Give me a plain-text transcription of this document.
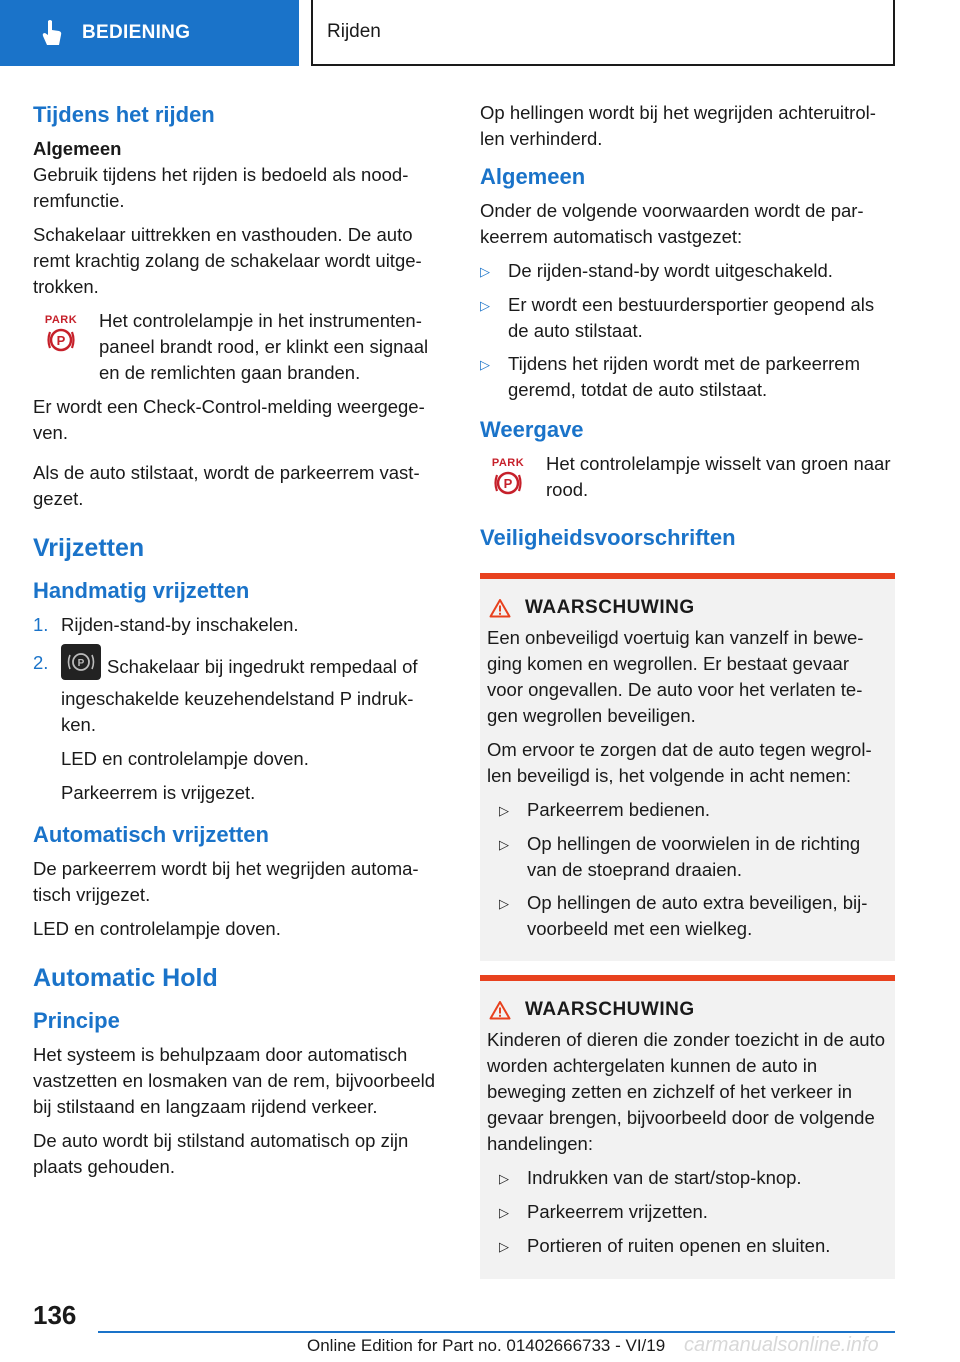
BEDIENING	Rijden
Tijdens het rijden
Algemeen

Gebruik tijdens het rijden is bedoeld als nood-remfunctie.

Schakelaar uittrekken en vasthouden. De auto remt krachtig zolang de schakelaar wordt uitge-trokken.

PARK
P
Het controlelampje in het instrumenten-paneel brandt rood, er klinkt een signaal en de remlichten gaan branden.

Er wordt een Check-Control-melding weergege-ven.

Als de auto stilstaat, wordt de parkeerrem vast-gezet.

Vrijzetten
Handmatig vrijzetten
1. Rijden-stand-by inschakelen.
2.	P Schakelaar bij ingedrukt rempedaal of ingeschakelde keuzehendelstand P indruk-ken.

LED en controlelampje doven.

Parkeerrem is vrijgezet.

Automatisch vrijzetten

De parkeerrem wordt bij het wegrijden automa-tisch vrijgezet.

LED en controlelampje doven.

Automatic Hold
Principe

Het systeem is behulpzaam door automatisch vastzetten en losmaken van de rem, bijvoorbeeld bij stilstaand en langzaam rijdend verkeer.

De auto wordt bij stilstand automatisch op zijn plaats gehouden.

Op hellingen wordt bij het wegrijden achteruitrol-len verhinderd.

Algemeen

Onder de volgende voorwaarden wordt de par-keerrem automatisch vastgezet:

▷ De rijden-stand-by wordt uitgeschakeld.
▷ Er wordt een bestuurdersportier geopend als de auto stilstaat.
▷ Tijdens het rijden wordt met de parkeerrem geremd, totdat de auto stilstaat.
Weergave
PARK
P
Het controlelampje wisselt van groen naar rood.
Veiligheidsvoorschriften
WAARSCHUWING

Een onbeveiligd voertuig kan vanzelf in bewe-ging komen en wegrollen. Er bestaat gevaar voor ongevallen. De auto voor het verlaten te-gen wegrollen beveiligen.

Om ervoor te zorgen dat de auto tegen wegrol-len beveiligd is, het volgende in acht nemen:

▷ Parkeerrem bedienen.
▷ Op hellingen de voorwielen in de richting van de stoeprand draaien.
▷ Op hellingen de auto extra beveiligen, bij-voorbeeld met een wielkeg.
WAARSCHUWING

Kinderen of dieren die zonder toezicht in de auto worden achtergelaten kunnen de auto in beweging zetten en zichzelf of het verkeer in gevaar brengen, bijvoorbeeld door de volgende handelingen:

▷ Indrukken van de start/stop-knop.
▷ Parkeerrem vrijzetten.
▷ Portieren of ruiten openen en sluiten.
136
Online Edition for Part no. 01402666733 - VI/19 carmanualsonline.info
